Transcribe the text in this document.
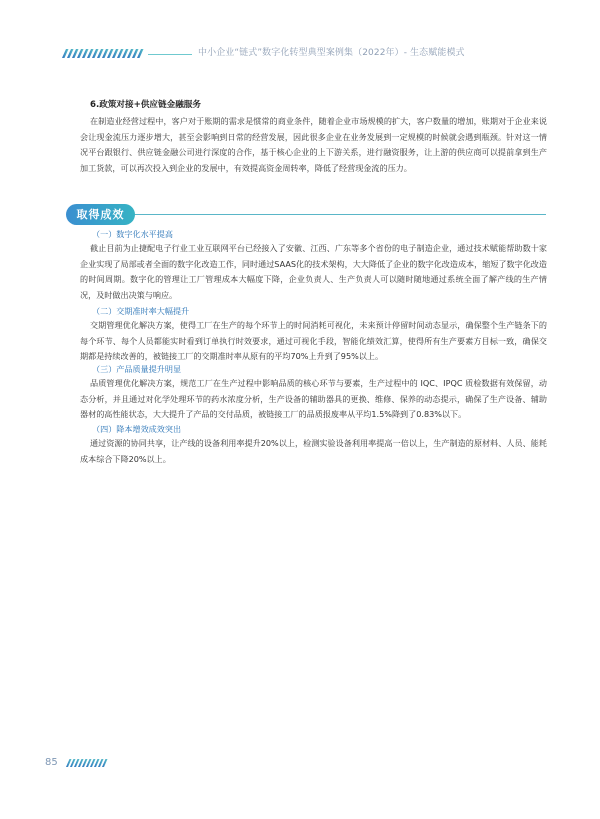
中小企业“链式”数字化转型典型案例集（2022年）- 生态赋能模式
6.政策对接+供应链金融服务
在制造业经营过程中，客户对于账期的需求是惯常的商业条件，随着企业市场规模的扩大，客户数量的增加，账期对于企业来说会让现金流压力逐步增大，甚至会影响到日常的经营发展，因此很多企业在业务发展到一定规模的时候就会遇到瓶颈。针对这一情况平台跟银行、供应链金融公司进行深度的合作，基于核心企业的上下游关系，进行融资服务，让上游的供应商可以提前拿到生产加工货款，可以再次投入到企业的发展中，有效提高资金周转率，降低了经营现金流的压力。
取得成效
（一）数字化水平提高
截止目前为止捷配电子行业工业互联网平台已经接入了安徽、江西、广东等多个省份的电子制造企业，通过技术赋能帮助数十家企业实现了局部或者全面的数字化改造工作，同时通过SAAS化的技术架构，大大降低了企业的数字化改造成本，缩短了数字化改造的时间周期。数字化的管理让工厂管理成本大幅度下降，企业负责人、生产负责人可以随时随地通过系统全面了解产线的生产情况，及时做出决策与响应。
（二）交期准时率大幅提升
交期管理优化解决方案，使得工厂在生产的每个环节上的时间消耗可视化，未来预计停留时间动态显示，确保整个生产链条下的每个环节、每个人员都能实时看到订单执行时效要求，通过可视化手段，智能化绩效汇算，使得所有生产要素方目标一致，确保交期都是持续改善的，被链接工厂的交期准时率从原有的平均70%上升到了95%以上。
（三）产品质量提升明显
品质管理优化解决方案，规范工厂在生产过程中影响品质的核心环节与要素，生产过程中的 IQC、IPQC 质检数据有效保留，动态分析，并且通过对化学处理环节的药水浓度分析，生产设备的辅助器具的更换、维修、保养的动态提示，确保了生产设备、辅助器材的高性能状态，大大提升了产品的交付品质，被链接工厂的品质报废率从平均1.5%降到了0.83%以下。
（四）降本增效成效突出
通过资源的协同共享，让产线的设备利用率提升20%以上，检测实验设备利用率提高一倍以上，生产制造的原材料、人员、能耗成本综合下降20%以上。
85
